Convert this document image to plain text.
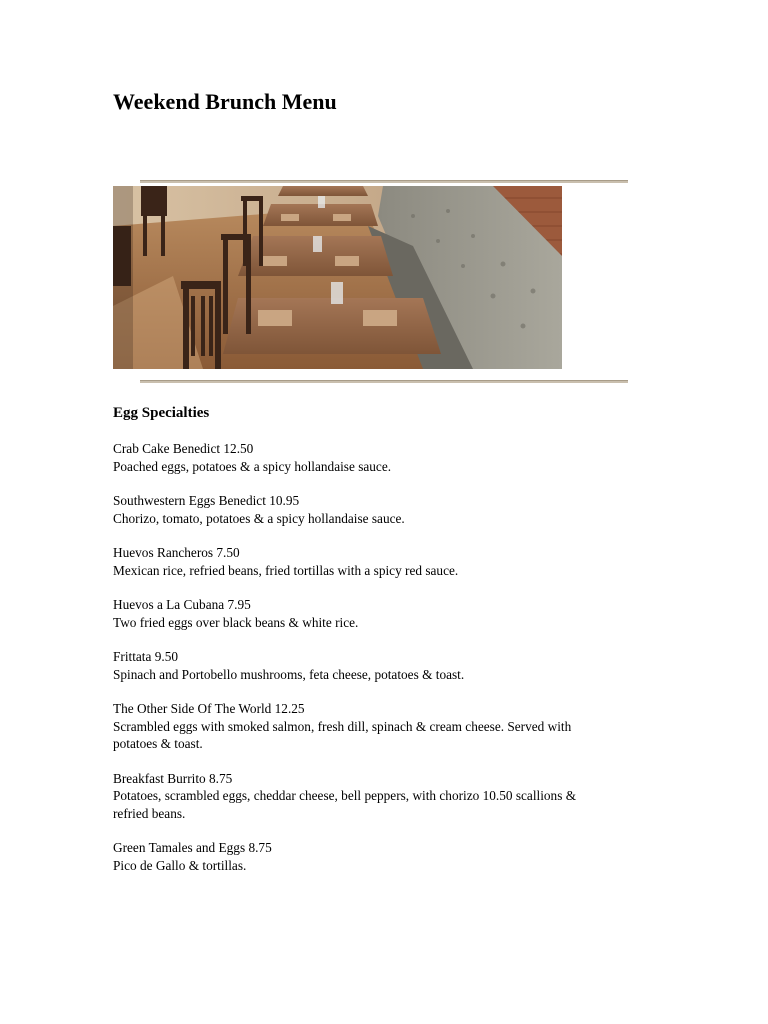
Weekend Brunch Menu
Egg Specialties
Crab Cake Benedict 12.50
Poached eggs, potatoes & a spicy hollandaise sauce.
Southwestern Eggs Benedict 10.95
Chorizo, tomato, potatoes & a spicy hollandaise sauce.
Huevos Rancheros 7.50
Mexican rice, refried beans, fried tortillas with a spicy red sauce.
Huevos a La Cubana 7.95
Two fried eggs over black beans & white rice.
Frittata 9.50
Spinach and Portobello mushrooms, feta cheese, potatoes & toast.
The Other Side Of The World 12.25
Scrambled eggs with smoked salmon, fresh dill, spinach & cream cheese. Served with
potatoes & toast.
Breakfast Burrito 8.75
Potatoes, scrambled eggs, cheddar cheese, bell peppers, with chorizo 10.50 scallions &
refried beans.
Green Tamales and Eggs 8.75
Pico de Gallo & tortillas.
